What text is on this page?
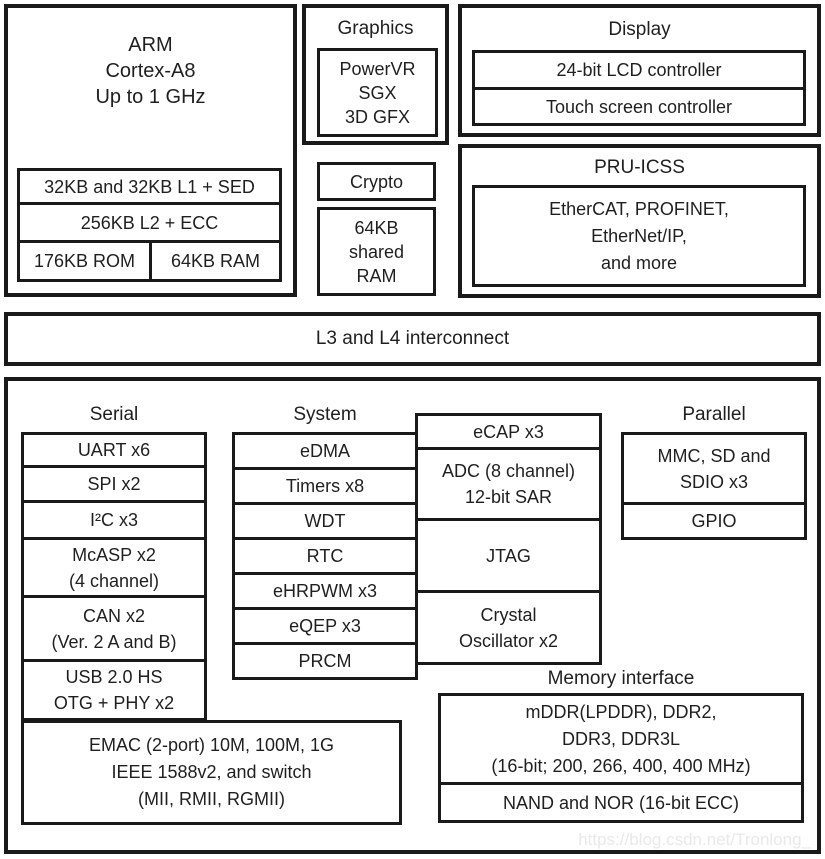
ARM
Cortex-A8
Up to 1 GHz
32KB and 32KB L1 + SED
256KB L2 + ECC
176KB ROM	64KB RAM
Graphics
PowerVR
SGX
3D GFX
Crypto
64KB
shared
RAM
Display
24-bit LCD controller
Touch screen controller
PRU-ICSS
EtherCAT, PROFINET,
EtherNet/IP,
and more
L3 and L4 interconnect
Serial
UART x6
SPI x2
I²C x3
McASP x2
(4 channel)
CAN x2
(Ver. 2 A and B)
USB 2.0 HS
OTG + PHY x2
EMAC (2-port) 10M, 100M, 1G
IEEE 1588v2, and switch
(MII, RMII, RGMII)
System
eDMA
Timers x8
WDT
RTC
eHRPWM x3
eQEP x3
PRCM
eCAP x3
ADC (8 channel)
12-bit SAR
JTAG
Crystal
Oscillator x2
Parallel
MMC, SD and
SDIO x3
GPIO
Memory interface
mDDR(LPDDR), DDR2,
DDR3, DDR3L
(16-bit; 200, 266, 400, 400 MHz)
NAND and NOR (16-bit ECC)
https://blog.csdn.net/Tronlong_
